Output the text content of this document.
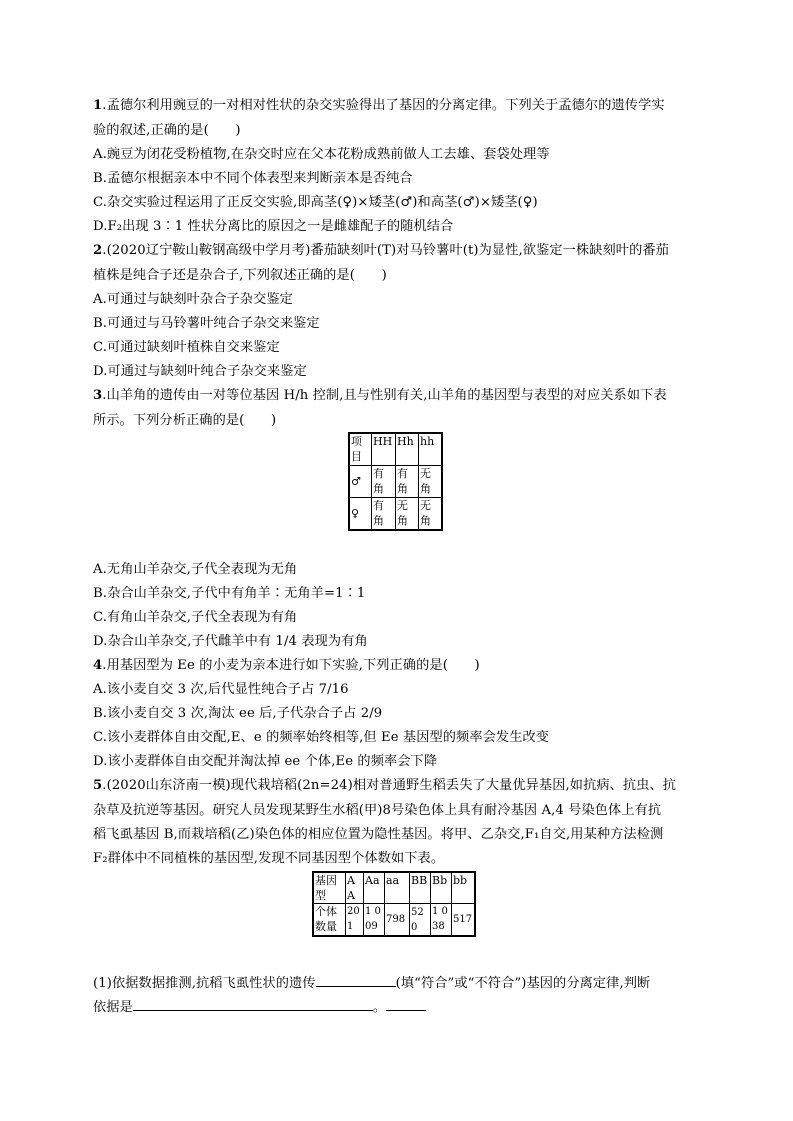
1.孟德尔利用豌豆的一对相对性状的杂交实验得出了基因的分离定律。下列关于孟德尔的遗传学实
验的叙述,正确的是(　　)
A.豌豆为闭花受粉植物,在杂交时应在父本花粉成熟前做人工去雄、套袋处理等
B.孟德尔根据亲本中不同个体表型来判断亲本是否纯合
C.杂交实验过程运用了正反交实验,即高茎(♀)×矮茎(♂)和高茎(♂)×矮茎(♀)
D.F₂出现 3∶1 性状分离比的原因之一是雌雄配子的随机结合
2.(2020辽宁鞍山鞍钢高级中学月考)番茄缺刻叶(T)对马铃薯叶(t)为显性,欲鉴定一株缺刻叶的番茄
植株是纯合子还是杂合子,下列叙述正确的是(　　)
A.可通过与缺刻叶杂合子杂交鉴定
B.可通过与马铃薯叶纯合子杂交来鉴定
C.可通过缺刻叶植株自交来鉴定
D.可通过与缺刻叶纯合子杂交来鉴定
3.山羊角的遗传由一对等位基因 H/h 控制,且与性别有关,山羊角的基因型与表型的对应关系如下表
所示。下列分析正确的是(　　)
项目	HH	Hh	hh
♂	有角	有角	无角
♀	有角	无角	无角
A.无角山羊杂交,子代全表现为无角
B.杂合山羊杂交,子代中有角羊∶无角羊=1∶1
C.有角山羊杂交,子代全表现为有角
D.杂合山羊杂交,子代雌羊中有 1/4 表现为有角
4.用基因型为 Ee 的小麦为亲本进行如下实验,下列正确的是(　　)
A.该小麦自交 3 次,后代显性纯合子占 7/16
B.该小麦自交 3 次,淘汰 ee 后,子代杂合子占 2/9
C.该小麦群体自由交配,E、e 的频率始终相等,但 Ee 基因型的频率会发生改变
D.该小麦群体自由交配并淘汰掉 ee 个体,Ee 的频率会下降
5.(2020山东济南一模)现代栽培稻(2n=24)相对普通野生稻丢失了大量优异基因,如抗病、抗虫、抗
杂草及抗逆等基因。研究人员发现某野生水稻(甲)8号染色体上具有耐冷基因 A,4 号染色体上有抗
稻飞虱基因 B,而栽培稻(乙)染色体的相应位置为隐性基因。将甲、乙杂交,F₁自交,用某种方法检测
F₂群体中不同植株的基因型,发现不同基因型个体数如下表。
基因型	AA	Aa	aa	BB	Bb	bb
个体数量	201	1 009	798	520	1 038	517
(1)依据数据推测,抗稻飞虱性状的遗传	(填“符合”或“不符合”)基因的分离定律,判断
依据是	。
